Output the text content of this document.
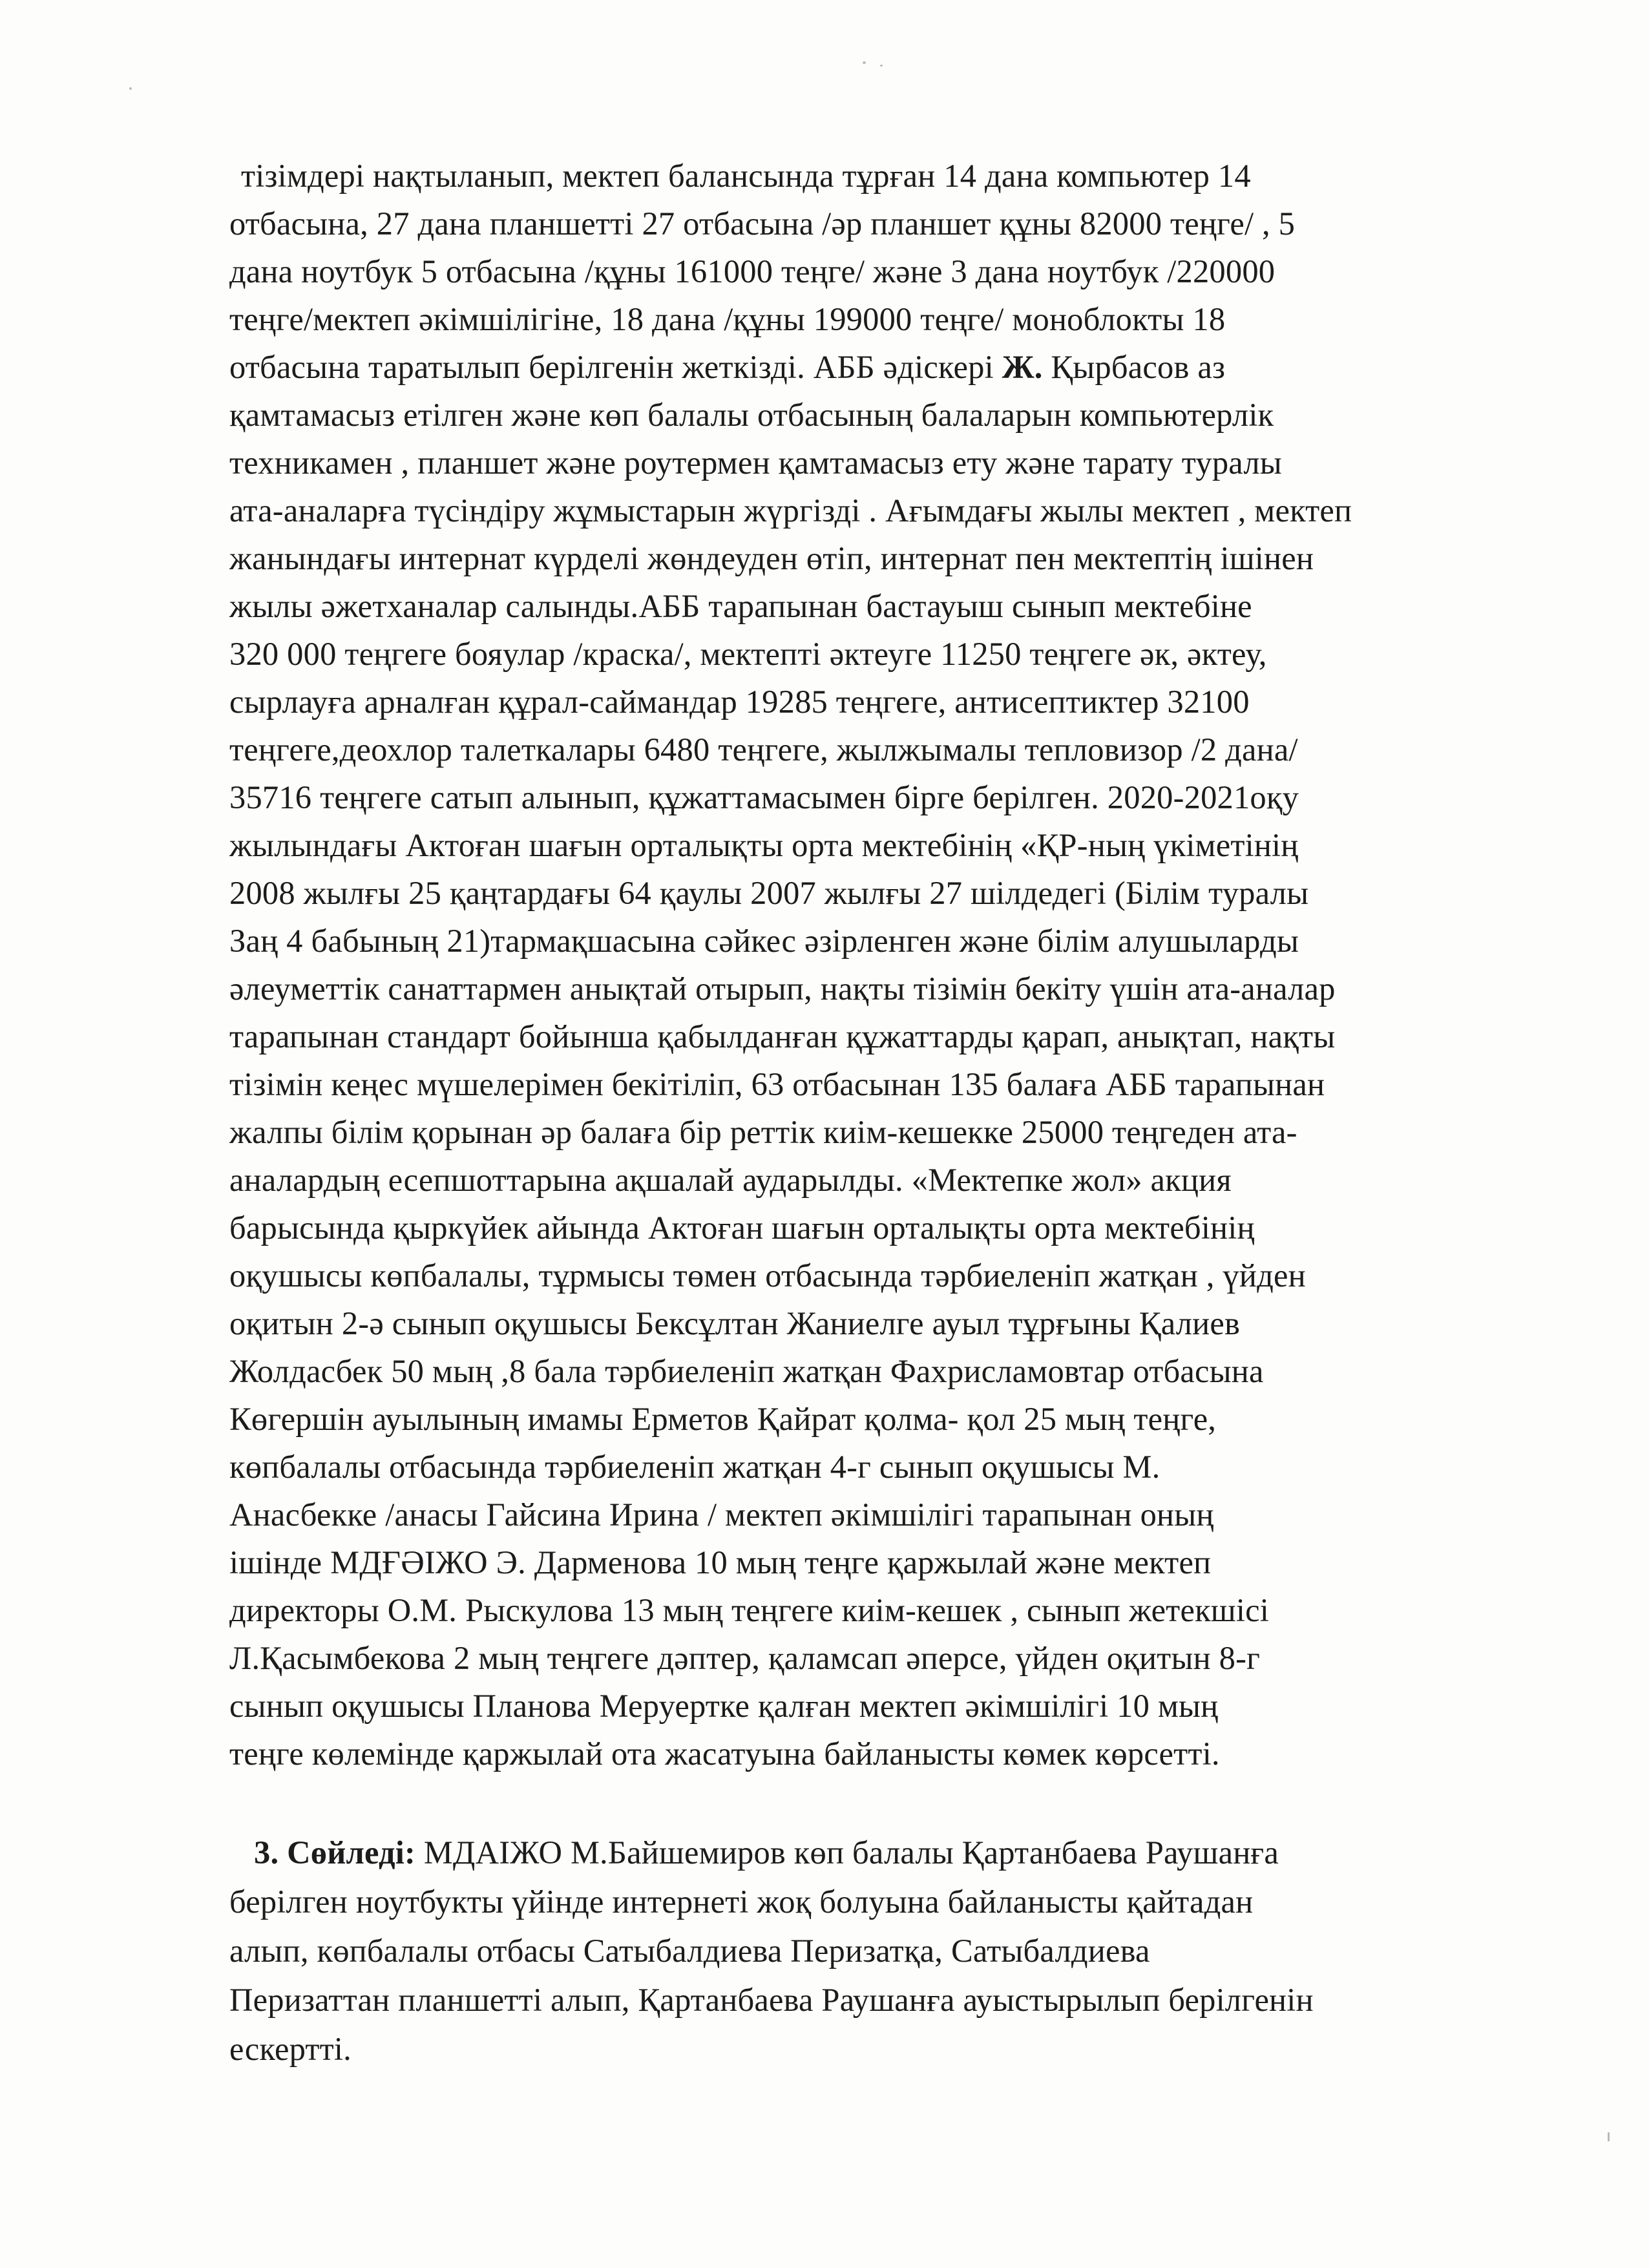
тізімдері нақтыланып, мектеп балансында тұрған 14 дана компьютер 14
отбасына, 27 дана планшетті 27 отбасына /әр планшет құны 82000 теңге/ , 5
дана ноутбук 5 отбасына /құны 161000 теңге/ және 3 дана ноутбук /220000
теңге/мектеп әкімшілігіне, 18 дана /құны 199000 теңге/ моноблокты 18
отбасына таратылып берілгенін жеткізді. АББ әдіскері Ж. Қырбасов аз
қамтамасыз етілген және көп балалы отбасының балаларын компьютерлік
техникамен , планшет және роутермен қамтамасыз ету және тарату туралы
ата-аналарға түсіндіру жұмыстарын жүргізді . Ағымдағы жылы мектеп , мектеп
жанындағы интернат күрделі жөндеуден өтіп, интернат пен мектептің ішінен
жылы әжетханалар салынды.АББ тарапынан бастауыш сынып мектебіне
320 000 теңгеге бояулар /краска/, мектепті әктеуге 11250 теңгеге әк, әктеу,
сырлауға арналған құрал-саймандар 19285 теңгеге, антисептиктер 32100
теңгеге,деохлор талеткалары 6480 теңгеге, жылжымалы тепловизор /2 дана/
35716 теңгеге сатып алынып, құжаттамасымен бірге берілген. 2020-2021оқу
жылындағы Актоған шағын орталықты орта мектебінің «ҚР-ның үкіметінің
2008 жылғы 25 қаңтардағы 64 қаулы 2007 жылғы 27 шілдедегі (Білім туралы
Заң 4 бабының 21)тармақшасына сәйкес әзірленген және білім алушыларды
әлеуметтік санаттармен анықтай отырып, нақты тізімін бекіту үшін ата-аналар
тарапынан стандарт бойынша қабылданған құжаттарды қарап, анықтап, нақты
тізімін кеңес мүшелерімен бекітіліп, 63 отбасынан 135 балаға АББ тарапынан
жалпы білім қорынан әр балаға бір реттік киім-кешекке 25000 теңгеден ата-
аналардың есепшоттарына ақшалай аударылды. «Мектепке жол» акция
барысында қыркүйек айында Актоған шағын орталықты орта мектебінің
оқушысы көпбалалы, тұрмысы төмен отбасында тәрбиеленіп жатқан , үйден
оқитын 2-ә сынып оқушысы Бексұлтан Жаниелге ауыл тұрғыны Қалиев
Жолдасбек 50 мың ,8 бала тәрбиеленіп жатқан Фахрисламовтар отбасына
Көгершін ауылының имамы Ерметов Қайрат қолма- қол 25 мың теңге,
көпбалалы отбасында тәрбиеленіп жатқан 4-г сынып оқушысы М.
Анасбекке /анасы Гайсина Ирина / мектеп әкімшілігі тарапынан оның
ішінде МДҒӘІЖО Э. Дарменова 10 мың теңге қаржылай және мектеп
директоры О.М. Рыскулова 13 мың теңгеге киім-кешек , сынып жетекшісі
Л.Қасымбекова 2 мың теңгеге дәптер, қаламсап әперсе, үйден оқитын 8-г
сынып оқушысы Планова Меруертке қалған мектеп әкімшілігі 10 мың
теңге көлемінде қаржылай ота жасатуына байланысты көмек көрсетті.
3. Сөйледі: МДАІЖО М.Байшемиров көп балалы Қартанбаева Раушанға
берілген ноутбукты үйінде интернеті жоқ болуына байланысты қайтадан
алып, көпбалалы отбасы Сатыбалдиева Перизатқа, Сатыбалдиева
Перизаттан планшетті алып, Қартанбаева Раушанға ауыстырылып берілгенін
ескертті.
